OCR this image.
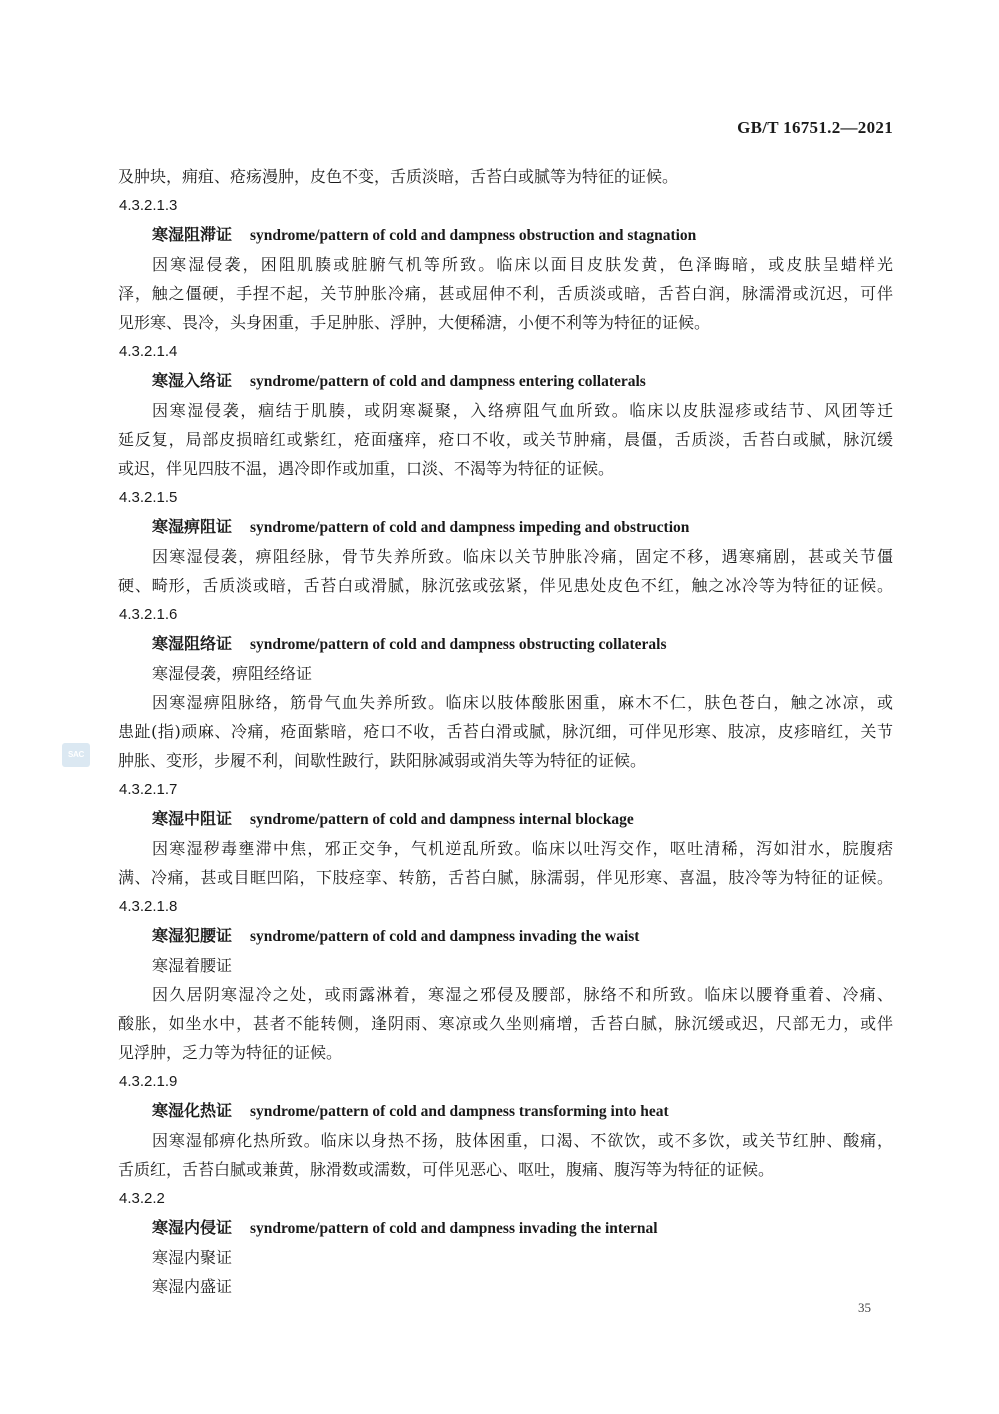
GB/T 16751.2—2021
SAC
及肿块，痈疽、疮疡漫肿，皮色不变，舌质淡暗，舌苔白或腻等为特征的证候。
4.3.2.1.3
寒湿阻滞证 syndrome/pattern of cold and dampness obstruction and stagnation
因寒湿侵袭，困阻肌腠或脏腑气机等所致。临床以面目皮肤发黄，色泽晦暗，或皮肤呈蜡样光
泽，触之僵硬，手捏不起，关节肿胀冷痛，甚或屈伸不利，舌质淡或暗，舌苔白润，脉濡滑或沉迟，可伴
见形寒、畏冷，头身困重，手足肿胀、浮肿，大便稀溏，小便不利等为特征的证候。
4.3.2.1.4
寒湿入络证 syndrome/pattern of cold and dampness entering collaterals
因寒湿侵袭，痼结于肌腠，或阴寒凝聚，入络痹阻气血所致。临床以皮肤湿疹或结节、风团等迁
延反复，局部皮损暗红或紫红，疮面瘙痒，疮口不收，或关节肿痛，晨僵，舌质淡，舌苔白或腻，脉沉缓
或迟，伴见四肢不温，遇冷即作或加重，口淡、不渴等为特征的证候。
4.3.2.1.5
寒湿痹阻证 syndrome/pattern of cold and dampness impeding and obstruction
因寒湿侵袭，痹阻经脉，骨节失养所致。临床以关节肿胀冷痛，固定不移，遇寒痛剧，甚或关节僵
硬、畸形，舌质淡或暗，舌苔白或滑腻，脉沉弦或弦紧，伴见患处皮色不红，触之冰冷等为特征的证候。
4.3.2.1.6
寒湿阻络证 syndrome/pattern of cold and dampness obstructing collaterals
寒湿侵袭，痹阻经络证
因寒湿痹阻脉络，筋骨气血失养所致。临床以肢体酸胀困重，麻木不仁，肤色苍白，触之冰凉，或
患趾(指)顽麻、冷痛，疮面紫暗，疮口不收，舌苔白滑或腻，脉沉细，可伴见形寒、肢凉，皮疹暗红，关节
肿胀、变形，步履不利，间歇性跛行，趺阳脉减弱或消失等为特征的证候。
4.3.2.1.7
寒湿中阻证 syndrome/pattern of cold and dampness internal blockage
因寒湿秽毒壅滞中焦，邪正交争，气机逆乱所致。临床以吐泻交作，呕吐清稀，泻如泔水，脘腹痞
满、冷痛，甚或目眶凹陷，下肢痉挛、转筋，舌苔白腻，脉濡弱，伴见形寒、喜温，肢冷等为特征的证候。
4.3.2.1.8
寒湿犯腰证 syndrome/pattern of cold and dampness invading the waist
寒湿着腰证
因久居阴寒湿冷之处，或雨露淋着，寒湿之邪侵及腰部，脉络不和所致。临床以腰脊重着、冷痛、
酸胀，如坐水中，甚者不能转侧，逢阴雨、寒凉或久坐则痛增，舌苔白腻，脉沉缓或迟，尺部无力，或伴
见浮肿，乏力等为特征的证候。
4.3.2.1.9
寒湿化热证 syndrome/pattern of cold and dampness transforming into heat
因寒湿郁痹化热所致。临床以身热不扬，肢体困重，口渴、不欲饮，或不多饮，或关节红肿、酸痛，
舌质红，舌苔白腻或兼黄，脉滑数或濡数，可伴见恶心、呕吐，腹痛、腹泻等为特征的证候。
4.3.2.2
寒湿内侵证 syndrome/pattern of cold and dampness invading the internal
寒湿内聚证
寒湿内盛证
35
